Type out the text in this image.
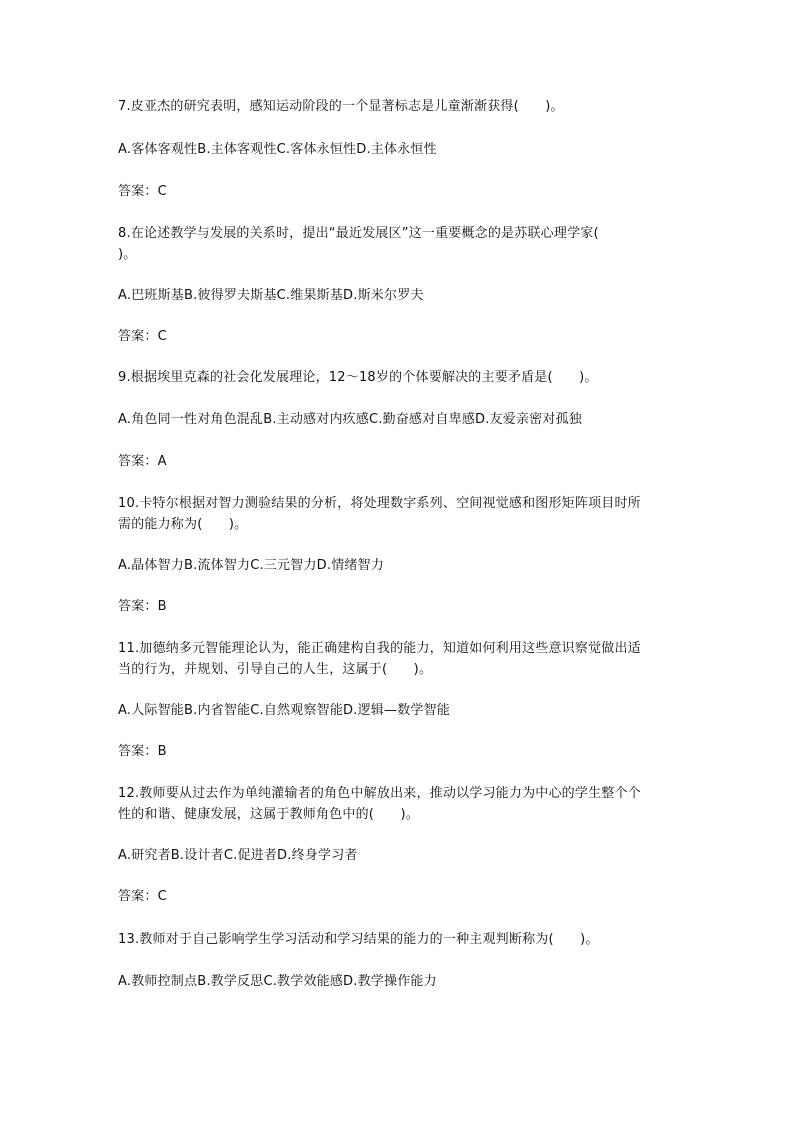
7.皮亚杰的研究表明，感知运动阶段的一个显著标志是儿童渐渐获得(　　)。
A.客体客观性B.主体客观性C.客体永恒性D.主体永恒性
答案：C
8.在论述教学与发展的关系时，提出“最近发展区”这一重要概念的是苏联心理学家(
)。
A.巴班斯基B.彼得罗夫斯基C.维果斯基D.斯米尔罗夫
答案：C
9.根据埃里克森的社会化发展理论，12～18岁的个体要解决的主要矛盾是(　　)。
A.角色同一性对角色混乱B.主动感对内疚感C.勤奋感对自卑感D.友爱亲密对孤独
答案：A
10.卡特尔根据对智力测验结果的分析，将处理数字系列、空间视觉感和图形矩阵项目时所
需的能力称为(　　)。
A.晶体智力B.流体智力C.三元智力D.情绪智力
答案：B
11.加德纳多元智能理论认为，能正确建构自我的能力，知道如何利用这些意识察觉做出适
当的行为，并规划、引导自己的人生，这属于(　　)。
A.人际智能B.内省智能C.自然观察智能D.逻辑—数学智能
答案：B
12.教师要从过去作为单纯灌输者的角色中解放出来，推动以学习能力为中心的学生整个个
性的和谐、健康发展，这属于教师角色中的(　　)。
A.研究者B.设计者C.促进者D.终身学习者
答案：C
13.教师对于自己影响学生学习活动和学习结果的能力的一种主观判断称为(　　)。
A.教师控制点B.教学反思C.教学效能感D.教学操作能力
